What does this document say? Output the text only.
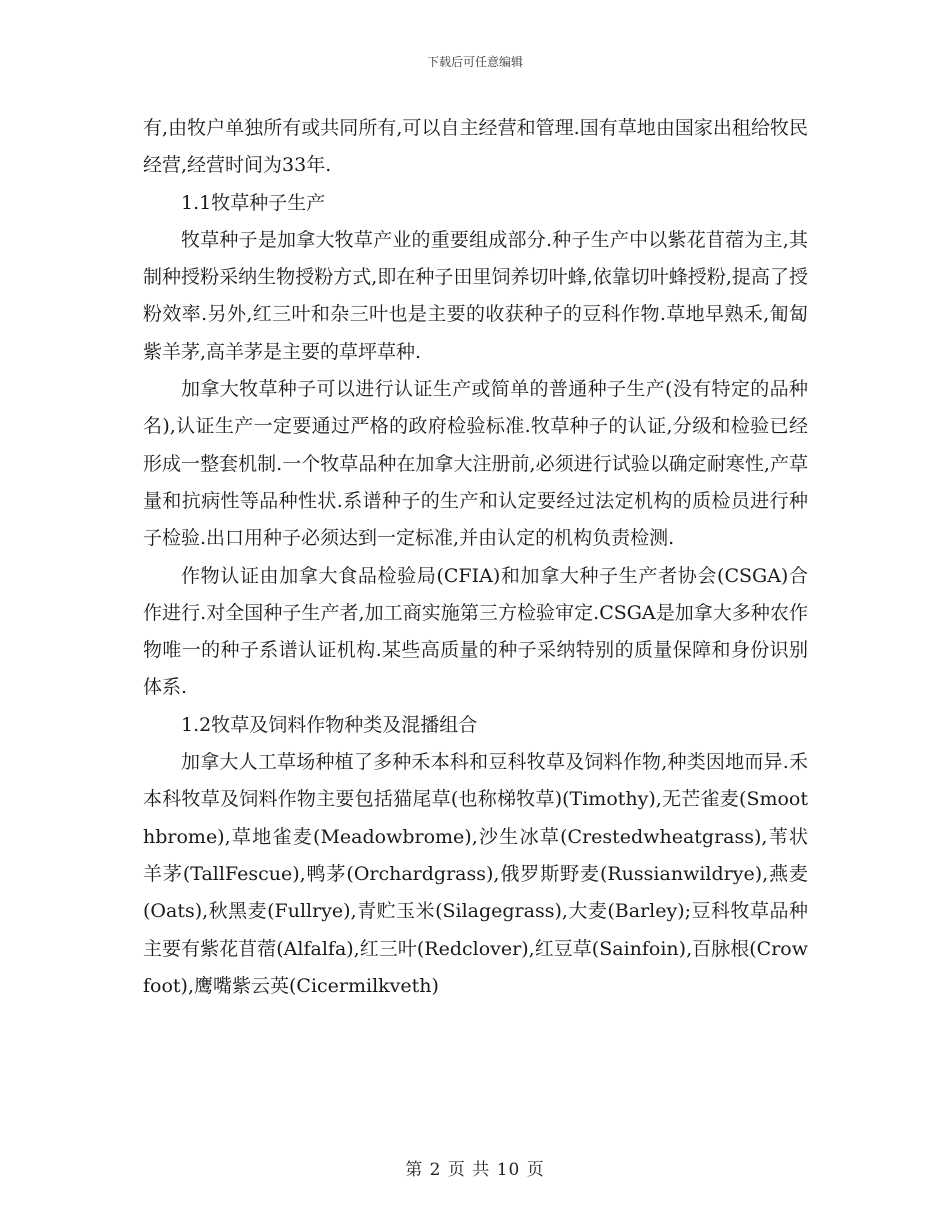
下载后可任意编辑

有,由牧户单独所有或共同所有,可以自主经营和管理.国有草地由国家出租给牧民经营,经营时间为33年.

1.1牧草种子生产

牧草种子是加拿大牧草产业的重要组成部分.种子生产中以紫花苜蓿为主,其制种授粉采纳生物授粉方式,即在种子田里饲养切叶蜂,依靠切叶蜂授粉,提高了授粉效率.另外,红三叶和杂三叶也是主要的收获种子的豆科作物.草地早熟禾,匍匐紫羊茅,高羊茅是主要的草坪草种.

加拿大牧草种子可以进行认证生产或简单的普通种子生产(没有特定的品种名),认证生产一定要通过严格的政府检验标准.牧草种子的认证,分级和检验已经形成一整套机制.一个牧草品种在加拿大注册前,必须进行试验以确定耐寒性,产草量和抗病性等品种性状.系谱种子的生产和认定要经过法定机构的质检员进行种子检验.出口用种子必须达到一定标准,并由认定的机构负责检测.

作物认证由加拿大食品检验局(CFIA)和加拿大种子生产者协会(CSGA)合作进行.对全国种子生产者,加工商实施第三方检验审定.CSGA是加拿大多种农作物唯一的种子系谱认证机构.某些高质量的种子采纳特别的质量保障和身份识别体系.

1.2牧草及饲料作物种类及混播组合

加拿大人工草场种植了多种禾本科和豆科牧草及饲料作物,种类因地而异.禾本科牧草及饲料作物主要包括猫尾草(也称梯牧草)(Timothy),无芒雀麦(Smoothbrome),草地雀麦(Meadowbrome),沙生冰草(Crestedwheatgrass),苇状羊茅(TallFescue),鸭茅(Orchardgrass),俄罗斯野麦(Russianwildrye),燕麦(Oats),秋黑麦(Fullrye),青贮玉米(Silagegrass),大麦(Barley);豆科牧草品种主要有紫花苜蓿(Alfalfa),红三叶(Redclover),红豆草(Sainfoin),百脉根(Crowfoot),鹰嘴紫云英(Cicermilkveth)

第 2 页 共 10 页
